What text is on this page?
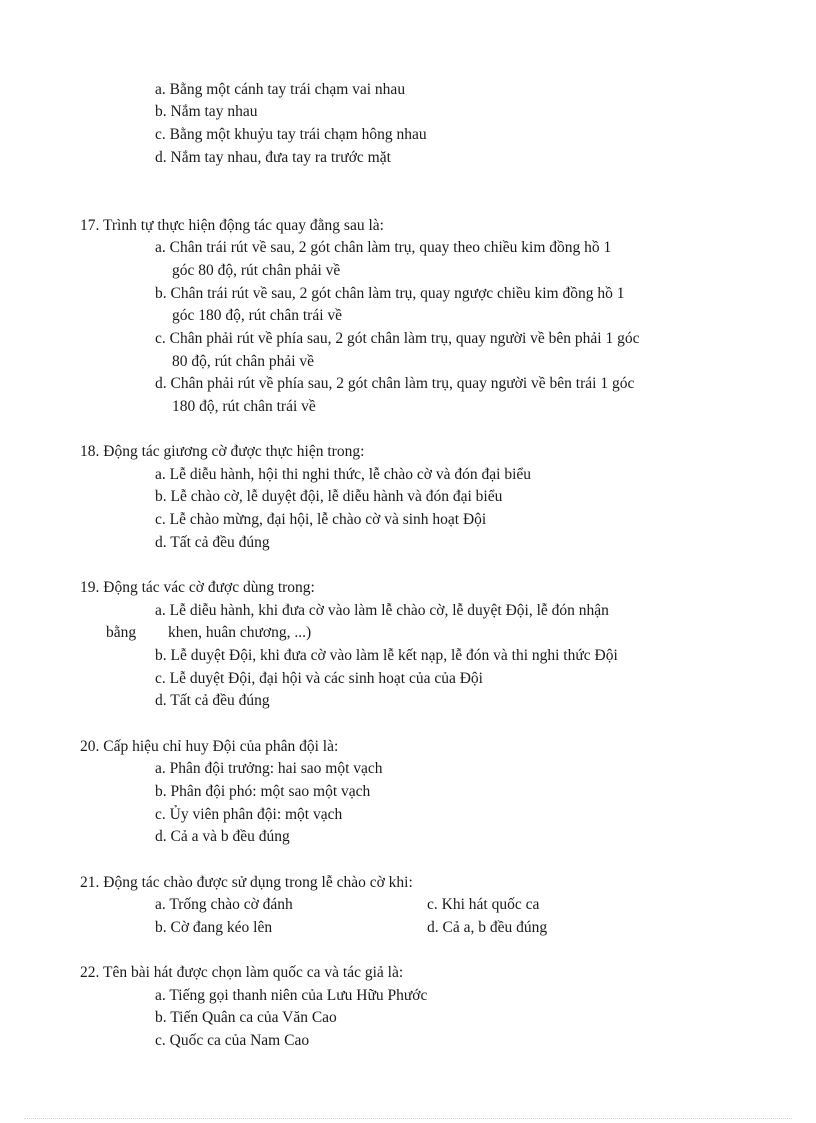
a. Bằng một cánh tay trái chạm vai nhau
b. Nắm tay nhau
c. Bằng một khuỷu tay trái chạm hông nhau
d. Nắm tay nhau, đưa tay ra trước mặt
17. Trình tự thực hiện động tác quay đằng sau là:
a. Chân trái rút về sau, 2 gót chân làm trụ, quay theo chiều kim đồng hồ 1
góc 80 độ, rút chân phải về
b. Chân trái rút về sau, 2 gót chân làm trụ, quay ngược chiều kim đồng hồ 1
góc 180 độ, rút chân trái về
c. Chân phải rút về phía sau, 2 gót chân làm trụ, quay người về bên phải 1 góc
80 độ, rút chân phải về
d. Chân phải rút về phía sau, 2 gót chân làm trụ, quay người về bên trái 1 góc
180 độ, rút chân trái về
18. Động tác giương cờ được thực hiện trong:
a. Lễ diễu hành, hội thi nghi thức, lễ chào cờ và đón đại biểu
b. Lễ chào cờ, lễ duyệt đội, lễ diễu hành và đón đại biểu
c. Lễ chào mừng, đại hội, lễ chào cờ và sinh hoạt Đội
d. Tất cả đều đúng
19. Động tác vác cờ được dùng trong:
a. Lễ diễu hành, khi đưa cờ vào làm lễ chào cờ, lễ duyệt Đội, lễ đón nhận
bằng khen, huân chương, ...)
b. Lễ duyệt Đội, khi đưa cờ vào làm lễ kết nạp, lễ đón và thi nghi thức Đội
c. Lễ duyệt Đội, đại hội và các sinh hoạt của của Đội
d. Tất cả đều đúng
20. Cấp hiệu chỉ huy Đội của phân đội là:
a. Phân đội trưởng: hai sao một vạch
b. Phân đội phó: một sao một vạch
c. Ủy viên phân đội: một vạch
d. Cả a và b đều đúng
21. Động tác chào được sử dụng trong lễ chào cờ khi:
a. Trống chào cờ đánh	c. Khi hát quốc ca
b. Cờ đang kéo lên	d. Cả a, b đều đúng
22. Tên bài hát được chọn làm quốc ca và tác giả là:
a. Tiếng gọi thanh niên của Lưu Hữu Phước
b. Tiến Quân ca của Văn Cao
c. Quốc ca của Nam Cao
